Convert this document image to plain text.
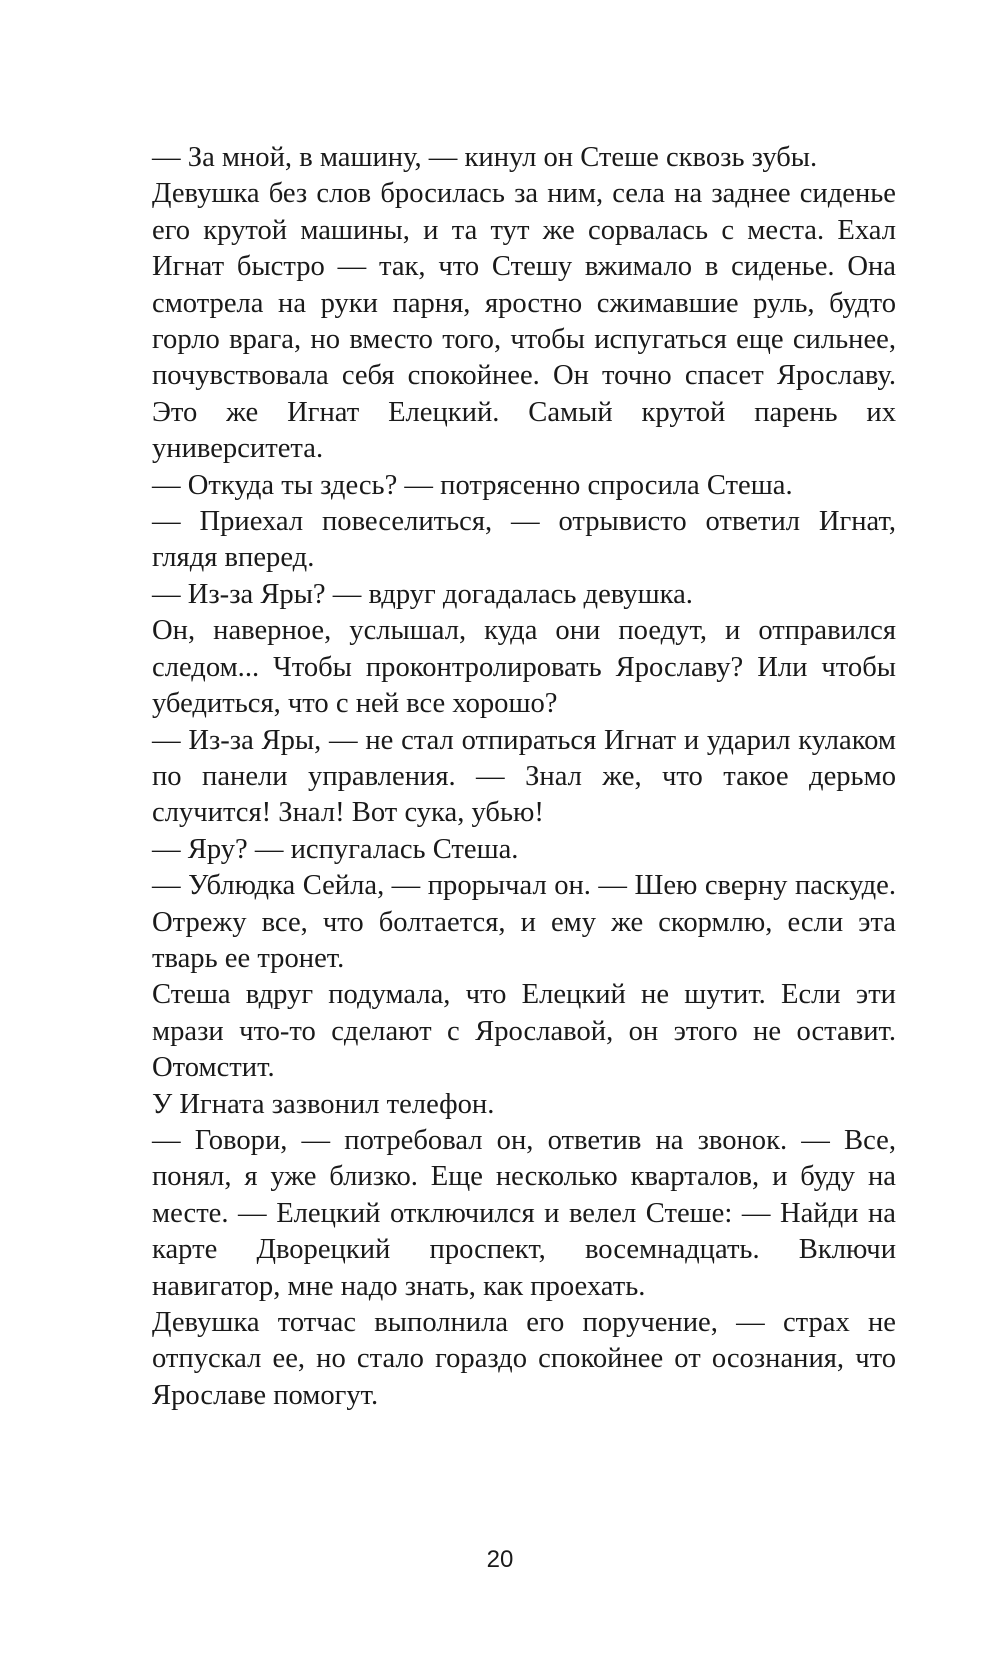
— За мной, в машину, — кинул он Стеше сквозь зубы.

Девушка без слов бросилась за ним, села на заднее сиденье его крутой машины, и та тут же сорвалась с места. Ехал Игнат быстро — так, что Стешу вжимало в сиденье. Она смотрела на руки парня, яростно сжимавшие руль, будто горло врага, но вместо того, чтобы испугаться еще сильнее, почувствовала себя спокойнее. Он точно спасет Ярославу. Это же Игнат Елецкий. Самый крутой парень их университета.

— Откуда ты здесь? — потрясенно спросила Стеша.

— Приехал повеселиться, — отрывисто ответил Игнат, глядя вперед.

— Из-за Яры? — вдруг догадалась девушка.

Он, наверное, услышал, куда они поедут, и отправился следом... Чтобы проконтролировать Ярославу? Или чтобы убедиться, что с ней все хорошо?

— Из-за Яры, — не стал отпираться Игнат и ударил кулаком по панели управления. — Знал же, что такое дерьмо случится! Знал! Вот сука, убью!

— Яру? — испугалась Стеша.

— Ублюдка Сейла, — прорычал он. — Шею сверну паскуде. Отрежу все, что болтается, и ему же скормлю, если эта тварь ее тронет.

Стеша вдруг подумала, что Елецкий не шутит. Если эти мрази что-то сделают с Ярославой, он этого не оставит. Отомстит.

У Игната зазвонил телефон.

— Говори, — потребовал он, ответив на звонок. — Все, понял, я уже близко. Еще несколько кварталов, и буду на месте. — Елецкий отключился и велел Стеше: — Найди на карте Дворецкий проспект, восемнадцать. Включи навигатор, мне надо знать, как проехать.

Девушка тотчас выполнила его поручение, — страх не отпускал ее, но стало гораздо спокойнее от осознания, что Ярославе помогут.

20
